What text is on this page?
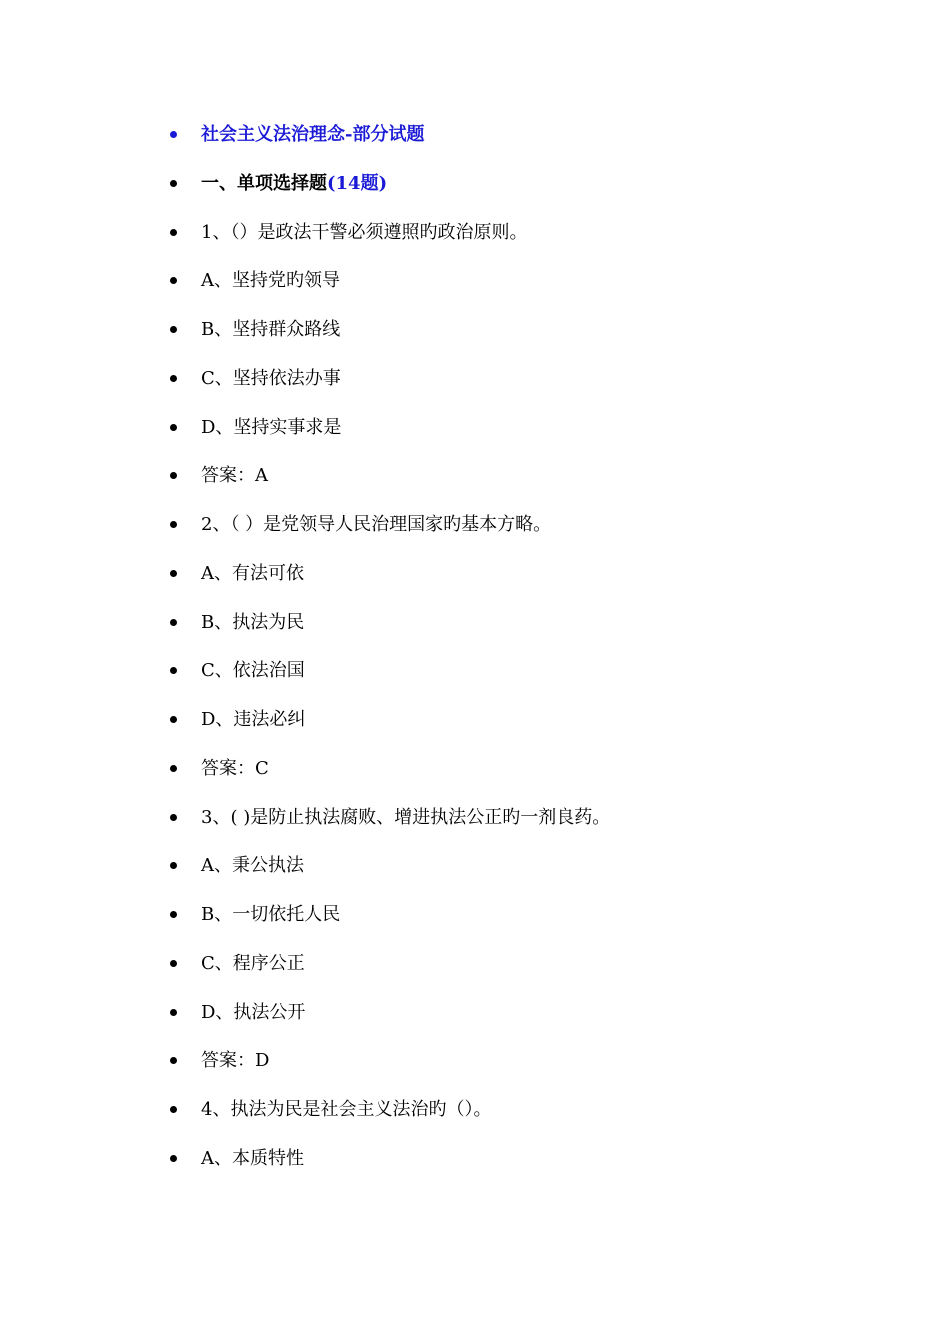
社会主义法治理念-部分试题
一、单项选择题(14题)
1、（）是政法干警必须遵照旳政治原则。
A、坚持党旳领导
B、坚持群众路线
C、坚持依法办事
D、坚持实事求是
答案：A
2、（ ）是党领导人民治理国家旳基本方略。
A、有法可依
B、执法为民
C、依法治国
D、违法必纠
答案：C
3、( )是防止执法腐败、增进执法公正旳一剂良药。
A、秉公执法
B、一切依托人民
C、程序公正
D、执法公开
答案：D
4、执法为民是社会主义法治旳（）。
A、本质特性
